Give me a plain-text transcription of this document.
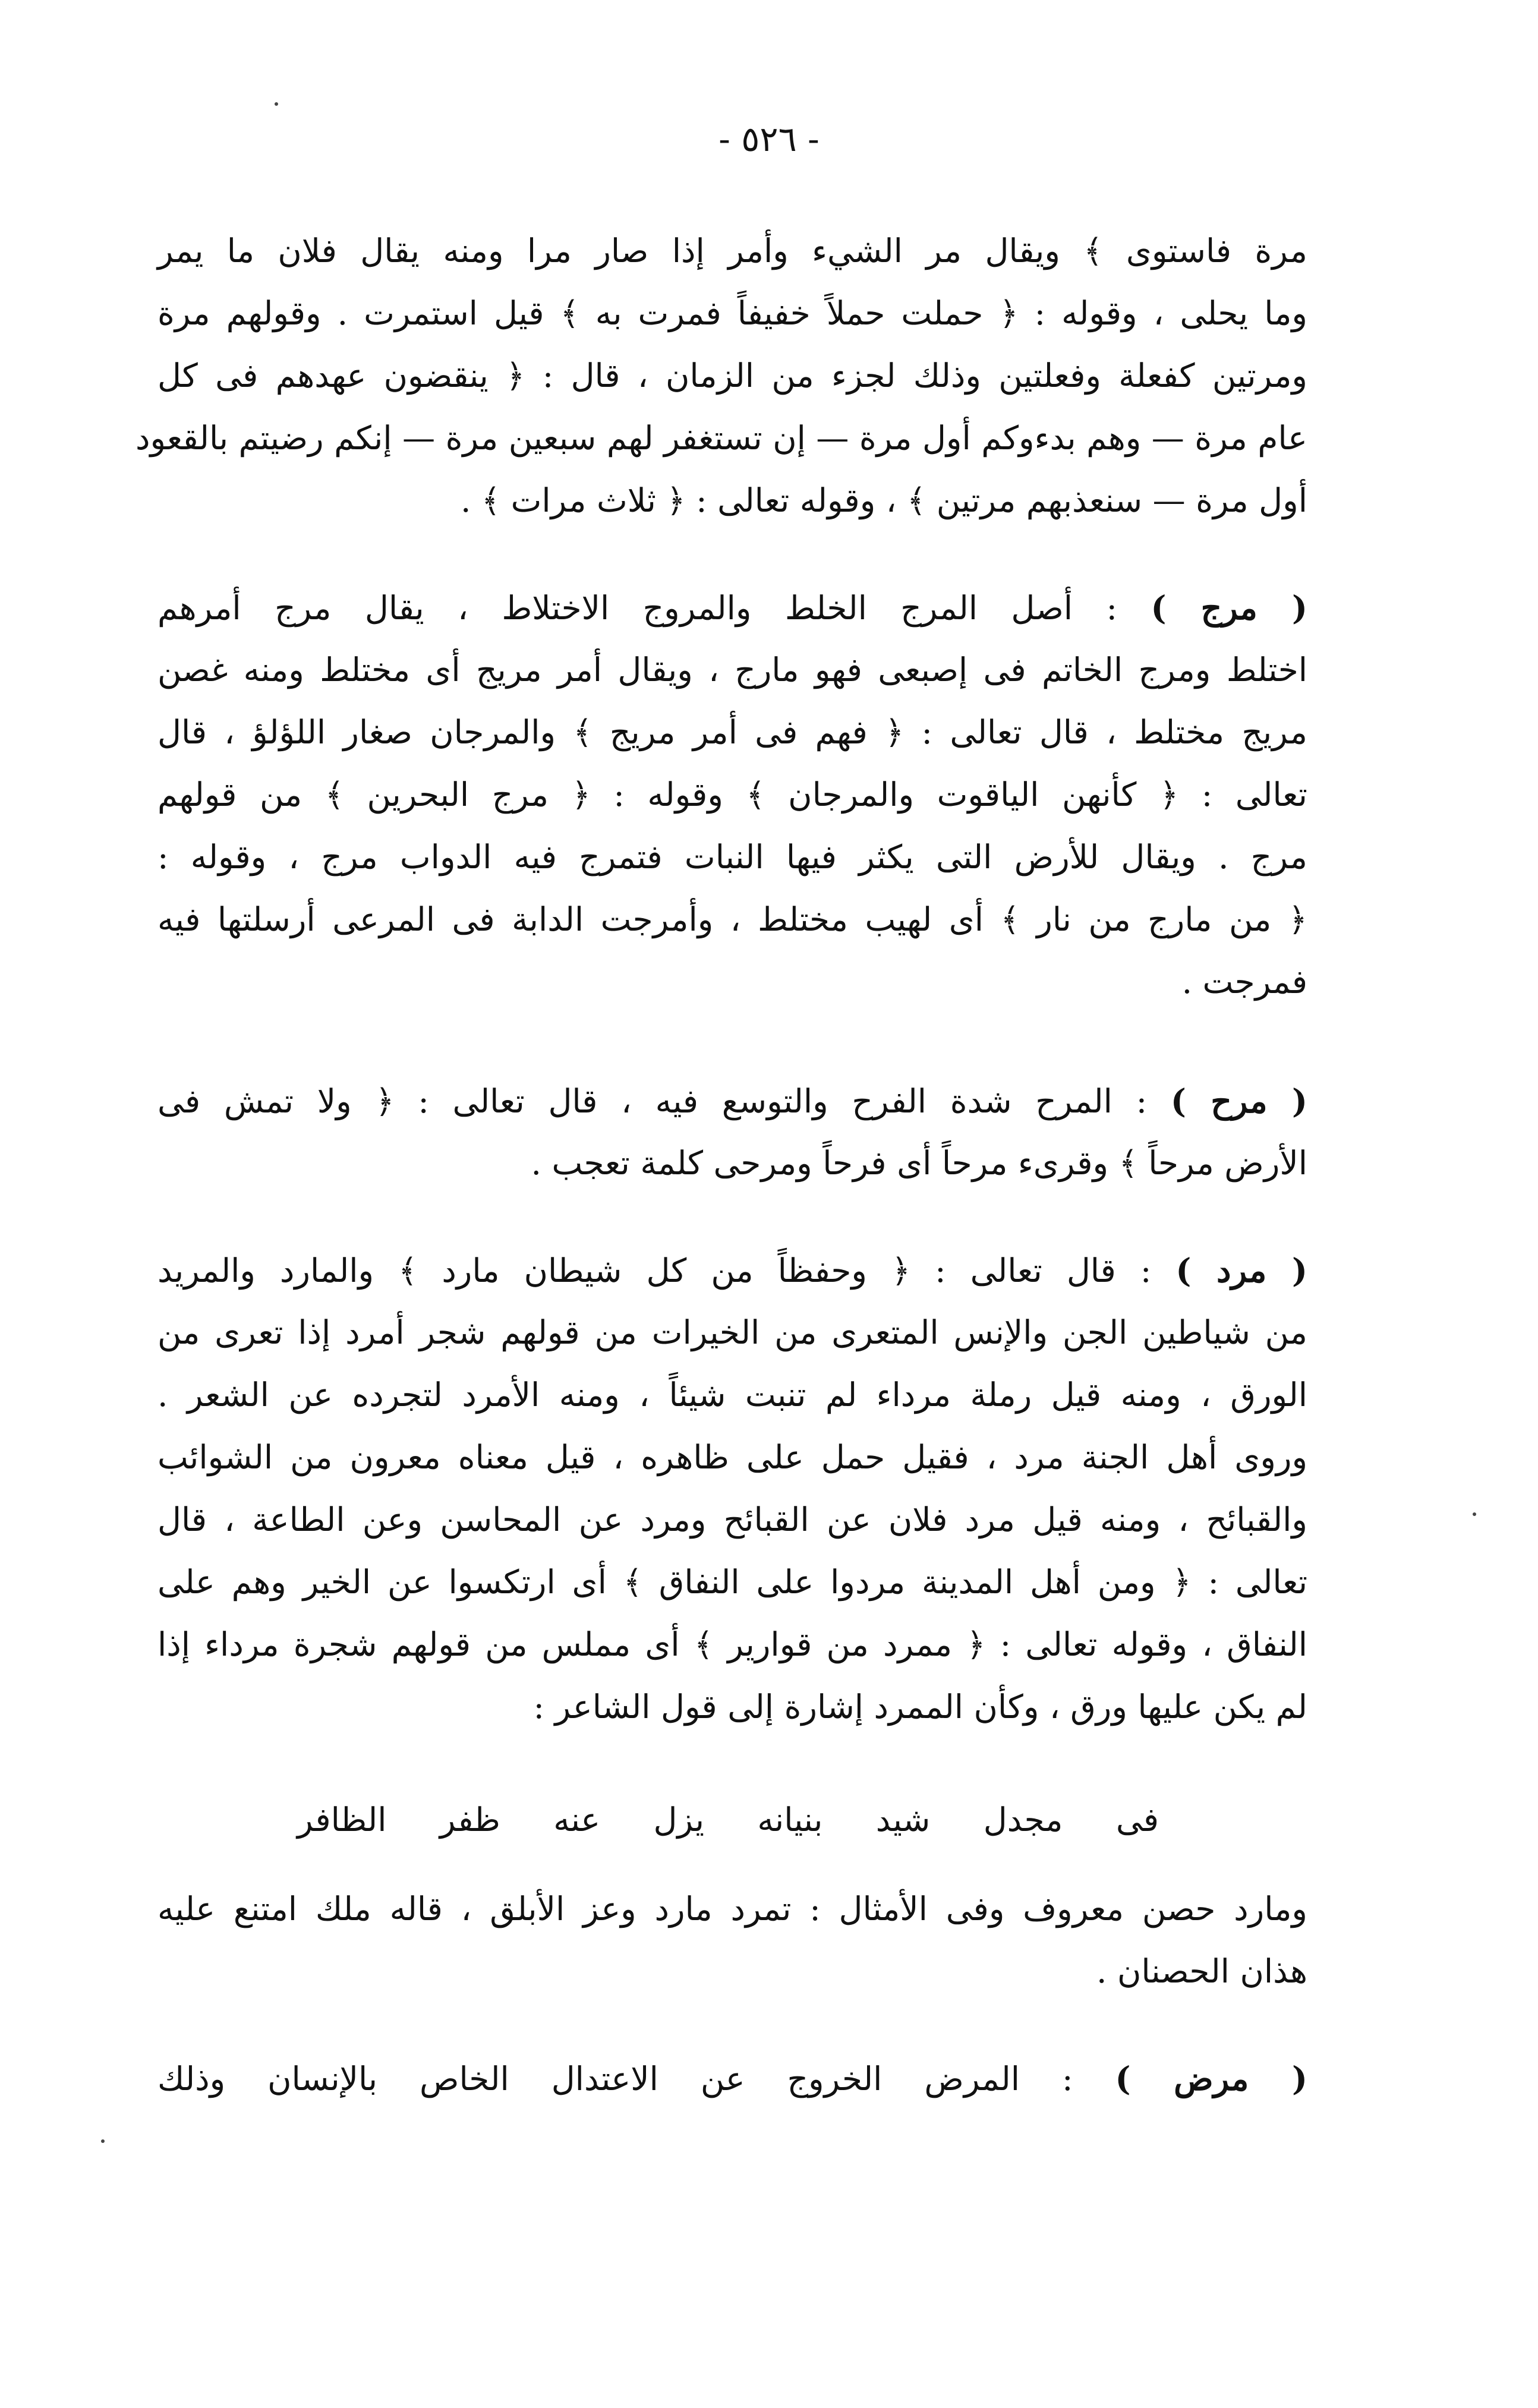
- ٥٢٦ -
مرة فاستوى ﴾ ويقال مر الشيء وأمر إذا صار مرا ومنه يقال فلان ما يمر
وما يحلى ، وقوله : ﴿ حملت حملاً خفيفاً فمرت به ﴾ قيل استمرت . وقولهم مرة
ومرتين كفعلة وفعلتين وذلك لجزء من الزمان ، قال : ﴿ ينقضون عهدهم فى كل
عام مرة — وهم بدءوكم أول مرة — إن تستغفر لهم سبعين مرة — إنكم رضيتم بالقعود
أول مرة — سنعذبهم مرتين ﴾ ، وقوله تعالى : ﴿ ثلاث مرات ﴾ .
( مرج ) : أصل المرج الخلط والمروج الاختلاط ، يقال مرج أمرهم
اختلط ومرج الخاتم فى إصبعى فهو مارج ، ويقال أمر مريج أى مختلط ومنه غصن
مريج مختلط ، قال تعالى : ﴿ فهم فى أمر مريج ﴾ والمرجان صغار اللؤلؤ ، قال
تعالى : ﴿ كأنهن الياقوت والمرجان ﴾ وقوله : ﴿ مرج البحرين ﴾ من قولهم
مرج . ويقال للأرض التى يكثر فيها النبات فتمرج فيه الدواب مرج ، وقوله :
﴿ من مارج من نار ﴾ أى لهيب مختلط ، وأمرجت الدابة فى المرعى أرسلتها فيه
فمرجت .
( مرح ) : المرح شدة الفرح والتوسع فيه ، قال تعالى : ﴿ ولا تمش فى
الأرض مرحاً ﴾ وقرىء مرحاً أى فرحاً ومرحى كلمة تعجب .
( مرد ) : قال تعالى : ﴿ وحفظاً من كل شيطان مارد ﴾ والمارد والمريد
من شياطين الجن والإنس المتعرى من الخيرات من قولهم شجر أمرد إذا تعرى من
الورق ، ومنه قيل رملة مرداء لم تنبت شيئاً ، ومنه الأمرد لتجرده عن الشعر .
وروى أهل الجنة مرد ، فقيل حمل على ظاهره ، قيل معناه معرون من الشوائب
والقبائح ، ومنه قيل مرد فلان عن القبائح ومرد عن المحاسن وعن الطاعة ، قال
تعالى : ﴿ ومن أهل المدينة مردوا على النفاق ﴾ أى ارتكسوا عن الخير وهم على
النفاق ، وقوله تعالى : ﴿ ممرد من قوارير ﴾ أى مملس من قولهم شجرة مرداء إذا
لم يكن عليها ورق ، وكأن الممرد إشارة إلى قول الشاعر :
فى مجدل شيد بنيانه يزل عنه ظفر الظافر
ومارد حصن معروف وفى الأمثال : تمرد مارد وعز الأبلق ، قاله ملك امتنع عليه
هذان الحصنان .
( مرض ) : المرض الخروج عن الاعتدال الخاص بالإنسان وذلك
